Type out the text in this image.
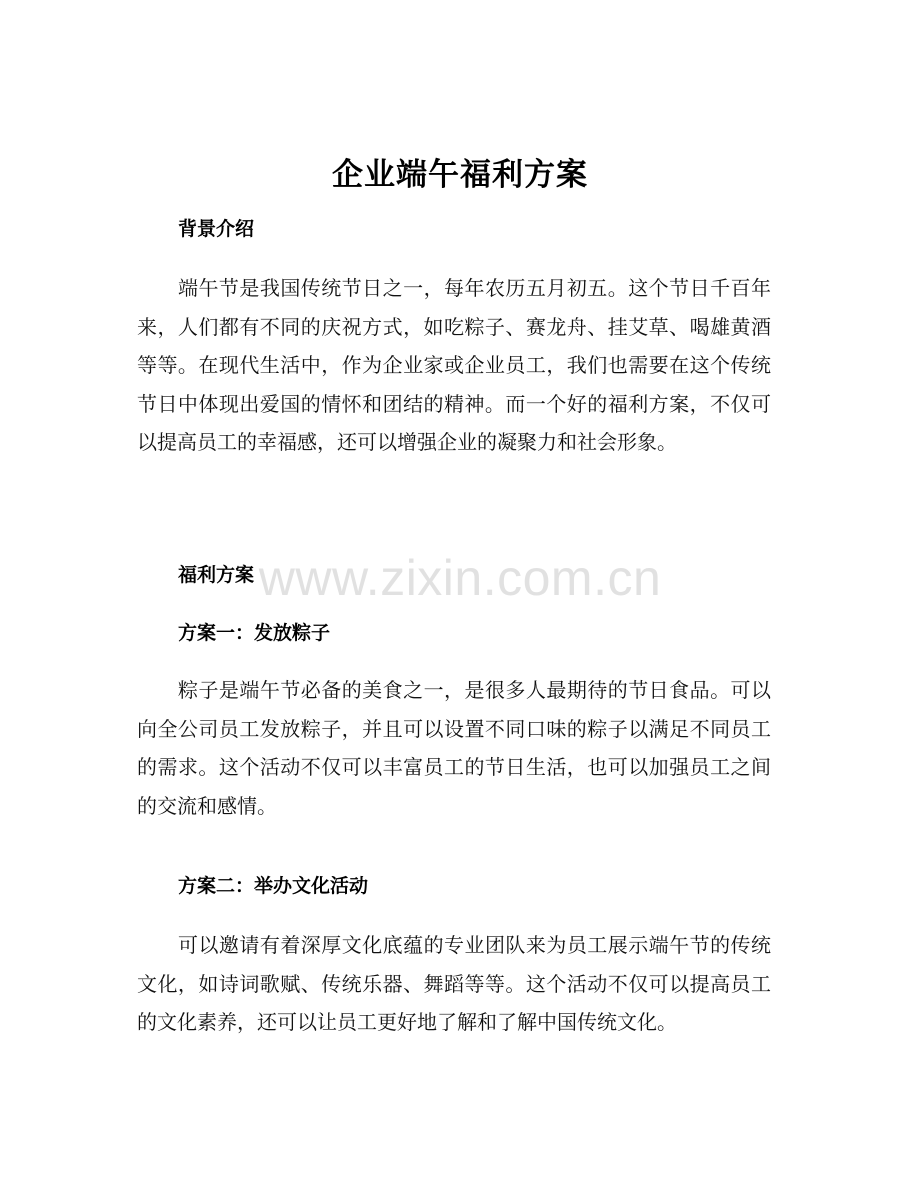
企业端午福利方案
背景介绍

端午节是我国传统节日之一，每年农历五月初五。这个节日千百年来，人们都有不同的庆祝方式，如吃粽子、赛龙舟、挂艾草、喝雄黄酒等等。在现代生活中，作为企业家或企业员工，我们也需要在这个传统节日中体现出爱国的情怀和团结的精神。而一个好的福利方案，不仅可以提高员工的幸福感，还可以增强企业的凝聚力和社会形象。

福利方案
方案一：发放粽子

粽子是端午节必备的美食之一，是很多人最期待的节日食品。可以向全公司员工发放粽子，并且可以设置不同口味的粽子以满足不同员工的需求。这个活动不仅可以丰富员工的节日生活，也可以加强员工之间的交流和感情。

方案二：举办文化活动

可以邀请有着深厚文化底蕴的专业团队来为员工展示端午节的传统文化，如诗词歌赋、传统乐器、舞蹈等等。这个活动不仅可以提高员工的文化素养，还可以让员工更好地了解和了解中国传统文化。

www.zixin.com.cn
